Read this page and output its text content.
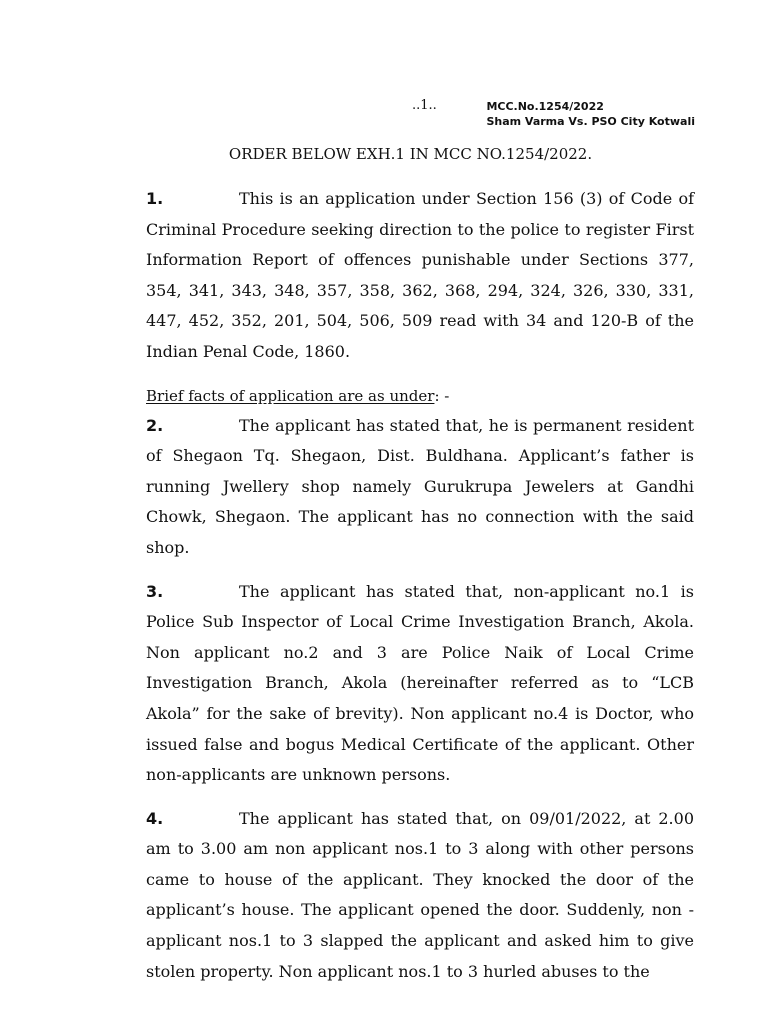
..1..	MCC.No.1254/2022
Sham Varma Vs. PSO City Kotwali
ORDER BELOW EXH.1 IN MCC NO.1254/2022.

1.	This is an application under Section 156 (3) of Code of Criminal Procedure seeking direction to the police to register First Information Report of offences punishable under Sections 377, 354, 341, 343, 348, 357, 358, 362, 368, 294, 324, 326, 330, 331, 447, 452, 352, 201, 504, 506, 509 read with 34 and 120-B of the Indian Penal Code, 1860.

Brief facts of application are as under: -

2.	The applicant has stated that, he is permanent resident of Shegaon Tq. Shegaon, Dist. Buldhana. Applicant’s father is running Jwellery shop namely Gurukrupa Jewelers at Gandhi Chowk, Shegaon. The applicant has no connection with the said shop.

3.	The applicant has stated that, non-applicant no.1 is Police Sub Inspector of Local Crime Investigation Branch, Akola. Non applicant no.2 and 3 are Police Naik of Local Crime Investigation Branch, Akola (hereinafter referred as to “LCB Akola” for the sake of brevity). Non applicant no.4 is Doctor, who issued false and bogus Medical Certificate of the applicant. Other non-applicants are unknown persons.

4.	The applicant has stated that, on 09/01/2022, at 2.00 am to 3.00 am non applicant nos.1 to 3 along with other persons came to house of the applicant. They knocked the door of the applicant’s house. The applicant opened the door. Suddenly, non - applicant nos.1 to 3 slapped the applicant and asked him to give stolen property. Non applicant nos.1 to 3 hurled abuses to the
